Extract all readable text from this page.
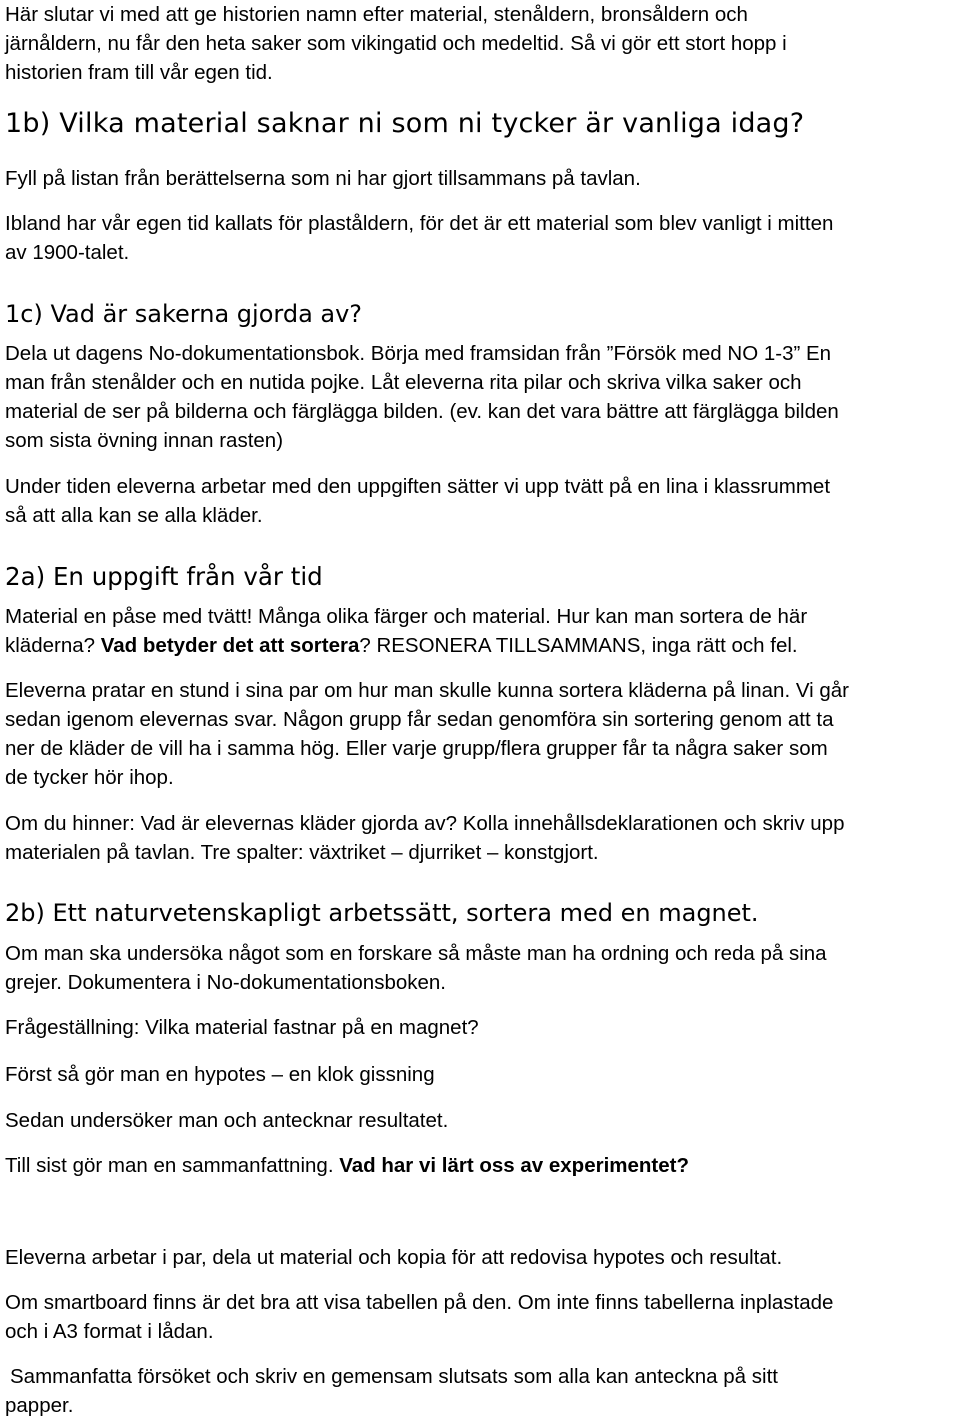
Här slutar vi med att ge historien namn efter material, stenåldern, bronsåldern och

järnåldern, nu får den heta saker som vikingatid och medeltid. Så vi gör ett stort hopp i

historien fram till vår egen tid.

1b) Vilka material saknar ni som ni tycker är vanliga idag?

Fyll på listan från berättelserna som ni har gjort tillsammans på tavlan.

Ibland har vår egen tid kallats för plaståldern, för det är ett material som blev vanligt i mitten

av 1900-talet.

1c) Vad är sakerna gjorda av?

Dela ut dagens No-dokumentationsbok. Börja med framsidan från ”Försök med NO 1-3” En

man från stenålder och en nutida pojke. Låt eleverna rita pilar och skriva vilka saker och

material de ser på bilderna och färglägga bilden. (ev. kan det vara bättre att färglägga bilden

som sista övning innan rasten)

Under tiden eleverna arbetar med den uppgiften sätter vi upp tvätt på en lina i klassrummet

så att alla kan se alla kläder.

2a) En uppgift från vår tid

Material en påse med tvätt! Många olika färger och material. Hur kan man sortera de här

kläderna? Vad betyder det att sortera? RESONERA TILLSAMMANS, inga rätt och fel.

Eleverna pratar en stund i sina par om hur man skulle kunna sortera kläderna på linan. Vi går

sedan igenom elevernas svar. Någon grupp får sedan genomföra sin sortering genom att ta

ner de kläder de vill ha i samma hög. Eller varje grupp/flera grupper får ta några saker som

de tycker hör ihop.

Om du hinner: Vad är elevernas kläder gjorda av? Kolla innehållsdeklarationen och skriv upp

materialen på tavlan. Tre spalter: växtriket – djurriket – konstgjort.

2b) Ett naturvetenskapligt arbetssätt, sortera med en magnet.

Om man ska undersöka något som en forskare så måste man ha ordning och reda på sina

grejer. Dokumentera i No-dokumentationsboken.

Frågeställning: Vilka material fastnar på en magnet?

Först så gör man en hypotes – en klok gissning

Sedan undersöker man och antecknar resultatet.

Till sist gör man en sammanfattning. Vad har vi lärt oss av experimentet?

Eleverna arbetar i par, dela ut material och kopia för att redovisa hypotes och resultat.

Om smartboard finns är det bra att visa tabellen på den. Om inte finns tabellerna inplastade

och i A3 format i lådan.

Sammanfatta försöket och skriv en gemensam slutsats som alla kan anteckna på sitt

papper.
